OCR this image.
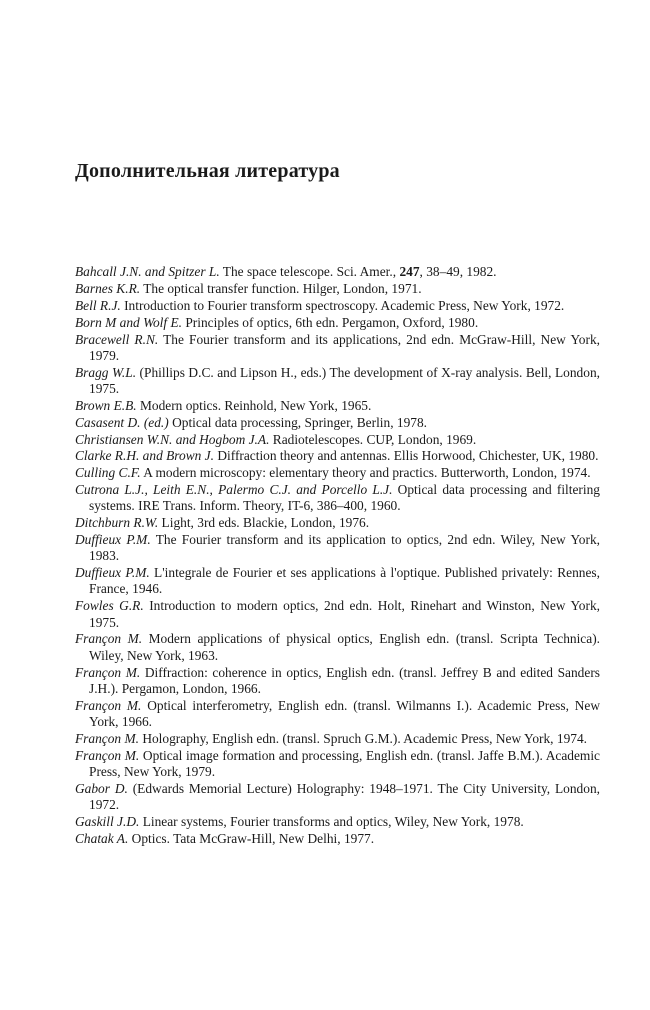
Дополнительная литература
Bahcall J.N. and Spitzer L. The space telescope. Sci. Amer., 247, 38–49, 1982.
Barnes K.R. The optical transfer function. Hilger, London, 1971.
Bell R.J. Introduction to Fourier transform spectroscopy. Academic Press, New York, 1972.
Born M and Wolf E. Principles of optics, 6th edn. Pergamon, Oxford, 1980.
Bracewell R.N. The Fourier transform and its applications, 2nd edn. McGraw-Hill, New York, 1979.
Bragg W.L. (Phillips D.C. and Lipson H., eds.) The development of X-ray analysis. Bell, London, 1975.
Brown E.B. Modern optics. Reinhold, New York, 1965.
Casasent D. (ed.) Optical data processing, Springer, Berlin, 1978.
Christiansen W.N. and Hogbom J.A. Radiotelescopes. CUP, London, 1969.
Clarke R.H. and Brown J. Diffraction theory and antennas. Ellis Horwood, Chichester, UK, 1980.
Culling C.F. A modern microscopy: elementary theory and practics. Butterworth, London, 1974.
Cutrona L.J., Leith E.N., Palermo C.J. and Porcello L.J. Optical data processing and filtering systems. IRE Trans. Inform. Theory, IT-6, 386–400, 1960.
Ditchburn R.W. Light, 3rd eds. Blackie, London, 1976.
Duffieux P.M. The Fourier transform and its application to optics, 2nd edn. Wiley, New York, 1983.
Duffieux P.M. L'integrale de Fourier et ses applications à l'optique. Published privately: Rennes, France, 1946.
Fowles G.R. Introduction to modern optics, 2nd edn. Holt, Rinehart and Winston, New York, 1975.
Françon M. Modern applications of physical optics, English edn. (transl. Scripta Technica). Wiley, New York, 1963.
Françon M. Diffraction: coherence in optics, English edn. (transl. Jeffrey B and edited Sanders J.H.). Pergamon, London, 1966.
Françon M. Optical interferometry, English edn. (transl. Wilmanns I.). Academic Press, New York, 1966.
Françon M. Holography, English edn. (transl. Spruch G.M.). Academic Press, New York, 1974.
Françon M. Optical image formation and processing, English edn. (transl. Jaffe B.M.). Academic Press, New York, 1979.
Gabor D. (Edwards Memorial Lecture) Holography: 1948–1971. The City University, London, 1972.
Gaskill J.D. Linear systems, Fourier transforms and optics, Wiley, New York, 1978.
Chatak A. Optics. Tata McGraw-Hill, New Delhi, 1977.
